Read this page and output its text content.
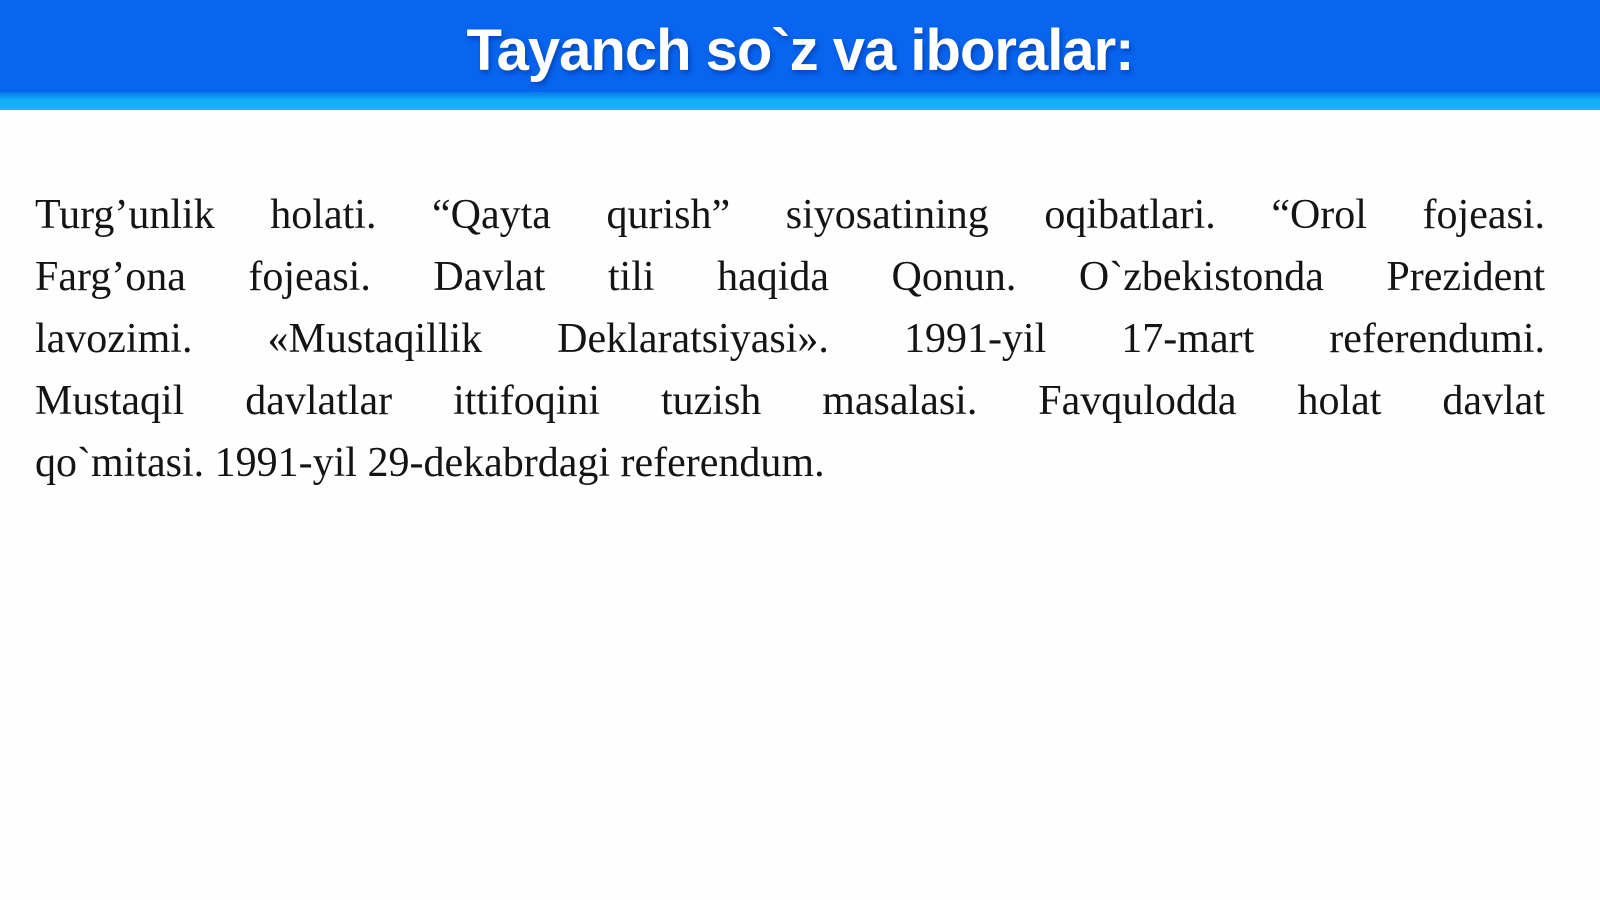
Tayanch so`z va iboralar:
Turg’unlik holati. “Qayta qurish” siyosatining oqibatlari. “Orol fojeasi.
Farg’ona fojeasi. Davlat tili haqida Qonun. O`zbekistonda Prezident
lavozimi. «Mustaqillik Deklaratsiyasi». 1991-yil 17-mart referendumi.
Mustaqil davlatlar ittifoqini tuzish masalasi. Favqulodda holat davlat
qo`mitasi. 1991-yil 29-dekabrdagi referendum.
